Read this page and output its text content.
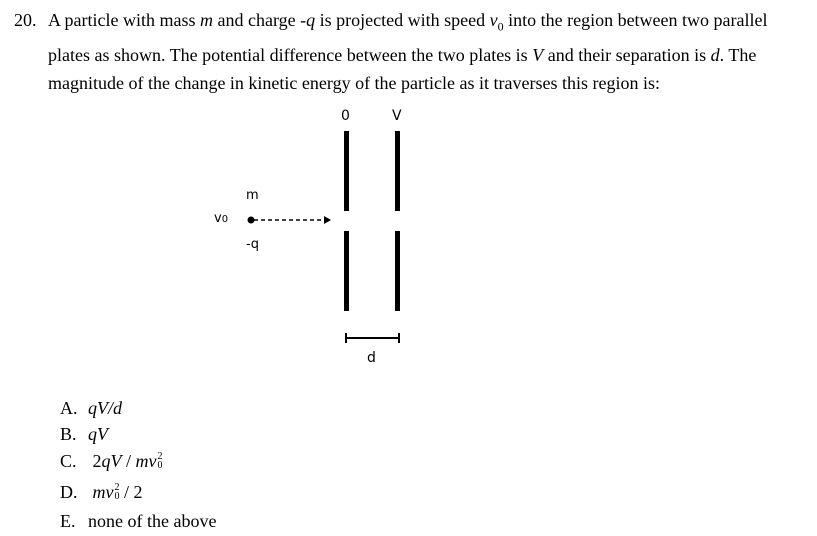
20. A particle with mass m and charge -q is projected with speed $v_0$ into the region between two parallel plates as shown. The potential difference between the two plates is V and their separation is d. The magnitude of the change in kinetic energy of the particle as it traverses this region is:
0	V
m
v0
-q
d
A. qV/d
B. qV
C. 2qV / mv 2
0
D. mv 2
0 / 2
E. none of the above
